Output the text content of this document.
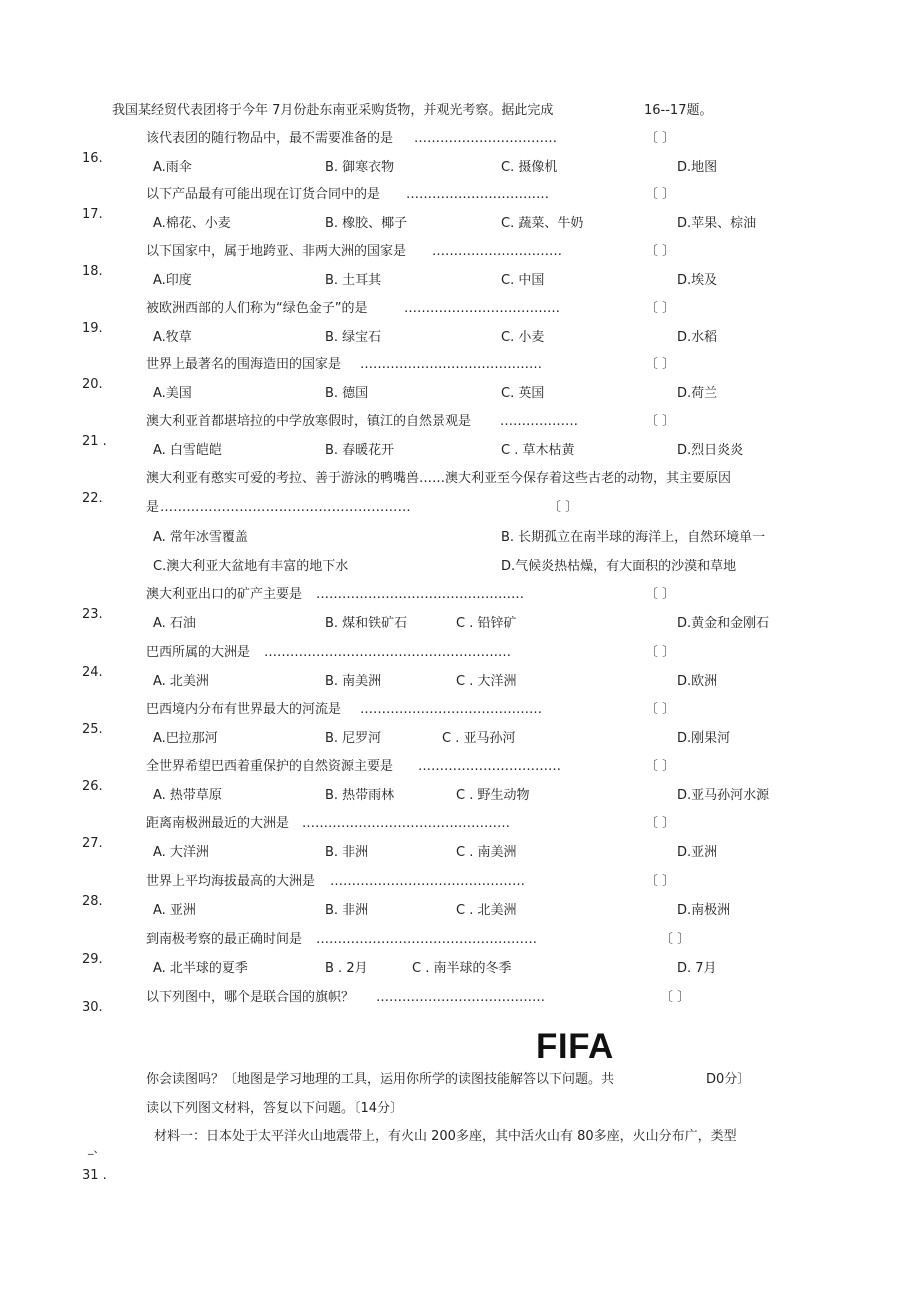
我国某经贸代表团将于今年 7月份赴东南亚采购货物，并观光考察。据此完成	16--17题。
16.
该代表团的随行物品中，最不需要准备的是 ……………………………	〔 〕
A.雨伞	B. 御寒衣物	C. 摄像机	D.地图
17.
以下产品最有可能出现在订货合同中的是 ……………………………	〔 〕
A.棉花、小麦	B. 橡胶、椰子	C. 蔬菜、牛奶	D.苹果、棕油
18.
以下国家中，属于地跨亚、非两大洲的国家是 …………………………	〔 〕
A.印度	B. 土耳其	C. 中国	D.埃及
19.
被欧洲西部的人们称为“绿色金子”的是	………………………………	〔 〕
A.牧草	B. 绿宝石	C. 小麦	D.水稻
20.
世界上最著名的围海造田的国家是 ……………………………………	〔 〕
A.美国	B. 德国	C. 英国	D.荷兰
21 .
澳大利亚首都堪培拉的中学放寒假时，镇江的自然景观是 ………………	〔 〕
A. 白雪皑皑	B. 春暖花开	C . 草木枯黄	D.烈日炎炎
23.
澳大利亚出口的矿产主要是 …………………………………………	〔 〕
A. 石油	B. 煤和铁矿石	C . 铅锌矿	D.黄金和金刚石
24.
巴西所属的大洲是 …………………………………………………	〔 〕
A. 北美洲	B. 南美洲	C . 大洋洲	D.欧洲
25.
巴西境内分布有世界最大的河流是 ……………………………………	〔 〕
A.巴拉那河	B. 尼罗河	C . 亚马孙河	D.刚果河
26.
全世界希望巴西着重保护的自然资源主要是 ……………………………	〔 〕
A. 热带草原	B. 热带雨林	C . 野生动物	D.亚马孙河水源
27.
距离南极洲最近的大洲是 …………………………………………	〔 〕
A. 大洋洲	B. 非洲	C . 南美洲	D.亚洲
28.
世界上平均海拔最高的大洲是 ………………………………………	〔 〕
A. 亚洲	B. 非洲	C . 北美洲	D.南极洲
29.
到南极考察的最正确时间是 ……………………………………………	〔 〕
A. 北半球的夏季	B . 2月	C . 南半球的冬季	D. 7月
22.
澳大利亚有憨实可爱的考拉、善于游泳的鸭嘴兽……澳大利亚至今保存着这些古老的动物，其主要原因
是 …………………………………………………	〔 〕
A. 常年冰雪覆盖	B. 长期孤立在南半球的海洋上，自然环境单一
C.澳大利亚大盆地有丰富的地下水	D.气候炎热枯燥，有大面积的沙漠和草地
30.
以下列图中，哪个是联合国的旗帜？ …………………………………	〔 〕
FIFA
你会读图吗？〔地图是学习地理的工具，运用你所学的读图技能解答以下问题。共	D0分〕
读以下列图文材料，答复以下问题。〔14分〕
材料一：日本处于太平洋火山地震带上，有火山 200多座，其中活火山有 80多座，火山分布广，类型
_、
31 .
